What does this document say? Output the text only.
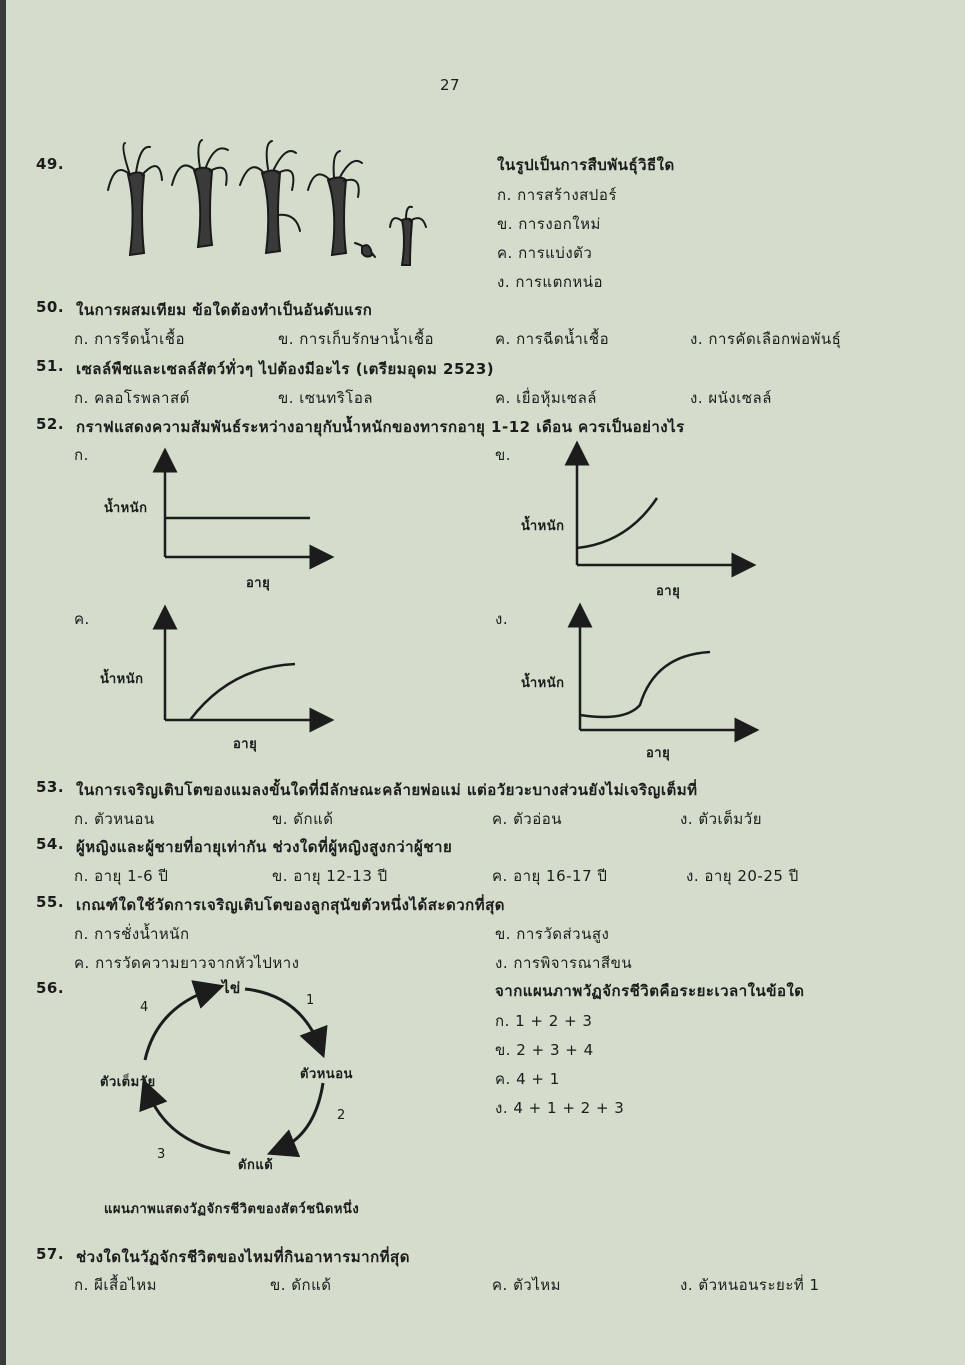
27
49.	ในรูปเป็นการสืบพันธุ์วิธีใด
ก. การสร้างสปอร์
ข. การงอกใหม่
ค. การแบ่งตัว
ง. การแตกหน่อ
50. ในการผสมเทียม ข้อใดต้องทำเป็นอันดับแรก
ก. การรีดน้ำเชื้อ	ข. การเก็บรักษาน้ำเชื้อ	ค. การฉีดน้ำเชื้อ	ง. การคัดเลือกพ่อพันธุ์
51. เซลล์พืชและเซลล์สัตว์ทั่วๆ ไปต้องมีอะไร (เตรียมอุดม 2523)
ก. คลอโรพลาสต์	ข. เซนทริโอล	ค. เยื่อหุ้มเซลล์	ง. ผนังเซลล์
52. กราฟแสดงความสัมพันธ์ระหว่างอายุกับน้ำหนักของทารกอายุ 1-12 เดือน ควรเป็นอย่างไร
ก.
น้ำหนัก
อายุ
ข.
น้ำหนัก
อายุ
ค.
น้ำหนัก
อายุ
ง.
น้ำหนัก
อายุ
53. ในการเจริญเติบโตของแมลงขั้นใดที่มีลักษณะคล้ายพ่อแม่ แต่อวัยวะบางส่วนยังไม่เจริญเต็มที่
ก. ตัวหนอน	ข. ดักแด้	ค. ตัวอ่อน	ง. ตัวเต็มวัย
54. ผู้หญิงและผู้ชายที่อายุเท่ากัน ช่วงใดที่ผู้หญิงสูงกว่าผู้ชาย
ก. อายุ 1-6 ปี	ข. อายุ 12-13 ปี	ค. อายุ 16-17 ปี	ง. อายุ 20-25 ปี
55. เกณฑ์ใดใช้วัดการเจริญเติบโตของลูกสุนัขตัวหนึ่งได้สะดวกที่สุด
ก. การชั่งน้ำหนัก	ข. การวัดส่วนสูง
ค. การวัดความยาวจากหัวไปหาง	ง. การพิจารณาสีขน
56.	ไข่
ตัวหนอน
ดักแด้
ตัวเต็มวัย
1
2
3
4
แผนภาพแสดงวัฏจักรชีวิตของสัตว์ชนิดหนึ่ง
จากแผนภาพวัฏจักรชีวิตคือระยะเวลาในข้อใด
ก. 1 + 2 + 3
ข. 2 + 3 + 4
ค. 4 + 1
ง. 4 + 1 + 2 + 3
57. ช่วงใดในวัฏจักรชีวิตของไหมที่กินอาหารมากที่สุด
ก. ผีเสื้อไหม	ข. ดักแด้	ค. ตัวไหม	ง. ตัวหนอนระยะที่ 1
